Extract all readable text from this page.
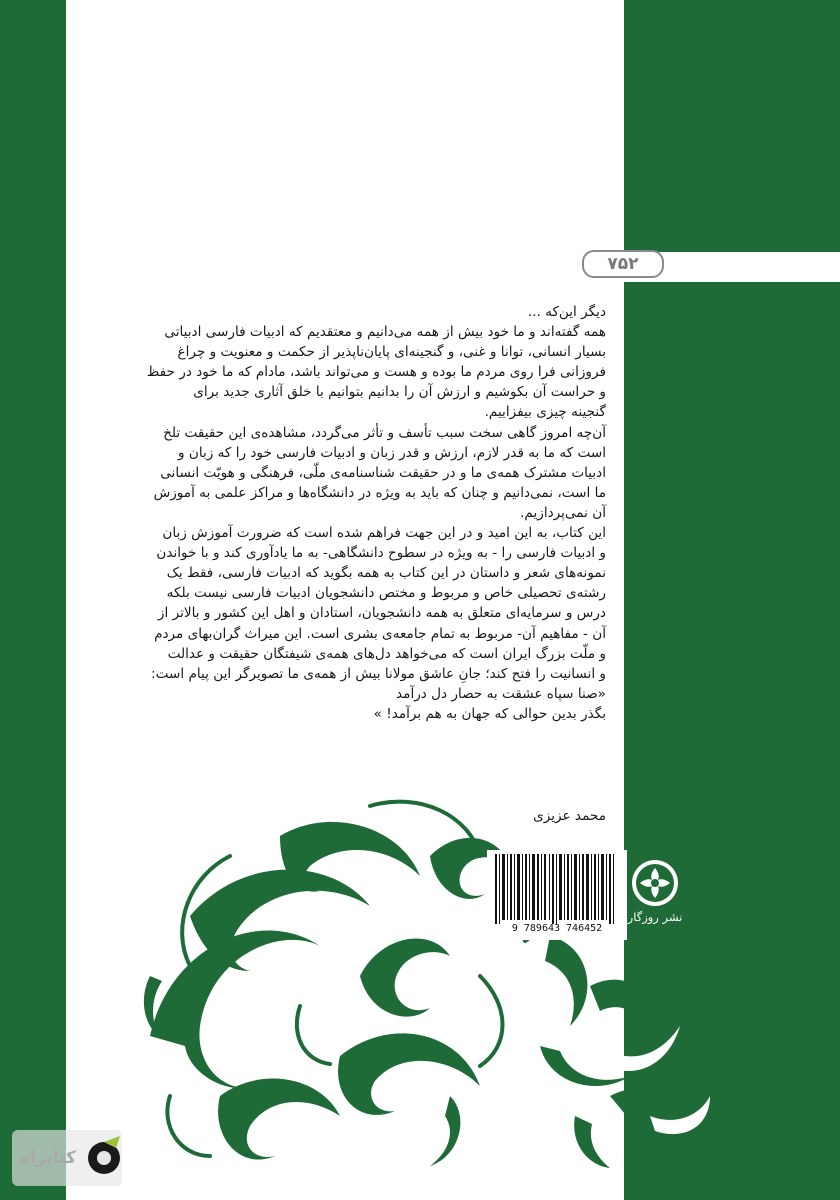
۷۵۲

دیگر این‌که ...

همه گفته‌اند و ما خود بیش از همه می‌دانیم و معتقدیم که ادبیات فارسی ادبیاتی
بسیار انسانی، توانا و غنی، و گنجینه‌ای پایان‌ناپذیر از حکمت و معنویت و چراغ
فروزانی فرا روی مردم ما بوده و هست و می‌تواند باشد، مادام که ما خود در حفظ
و حراست آن بکوشیم و ارزش آن را بدانیم بتوانیم با خلق آثاری جدید برای
گنجینه چیزی بیفزاییم.

آن‌چه امروز گاهی سخت سبب تأسف و تأثر می‌گردد، مشاهده‌ی این حقیقت تلخ
است که ما به قدر لازم، ارزش و قدر زبان و ادبیات فارسی خود را که زبان و
ادبیات مشترک همه‌ی ما و در حقیقت شناسنامه‌ی ملّی، فرهنگی و هویّت انسانی
ما است، نمی‌دانیم و چنان که باید به ویژه در دانشگاه‌ها و مراکز علمی به آموزش
آن نمی‌پردازیم.

این کتاب، به این امید و در این جهت فراهم شده است که ضرورت آموزش زبان
و ادبیات فارسی را - به ویژه در سطوح دانشگاهی- به ما یادآوری کند و با خواندن
نمونه‌های شعر و داستان در این کتاب به همه بگوید که ادبیات فارسی، فقط یک
رشته‌ی تحصیلی خاص و مربوط و مختص دانشجویان ادبیات فارسی نیست بلکه
درس و سرمایه‌ای متعلق به همه دانشجویان، استادان و اهل این کشور و بالاتر از
آن - مفاهیم آن- مربوط به تمام جامعه‌ی بشری است. این میراث گران‌بهای مردم
و ملّت بزرگ ایران است که می‌خواهد دل‌های همه‌ی شیفتگان حقیقت و عدالت
و انسانیت را فتح کند؛ جانِ عاشق مولانا بیش از همه‌ی ما تصویرگر این پیام است:
«صنا سپاه عشقت به حصار دل درآمد
بگذر بدین حوالی که جهان به هم برآمد! »

محمد عزیزی
9 789643 746452
نشر روزگار
کتابراه
